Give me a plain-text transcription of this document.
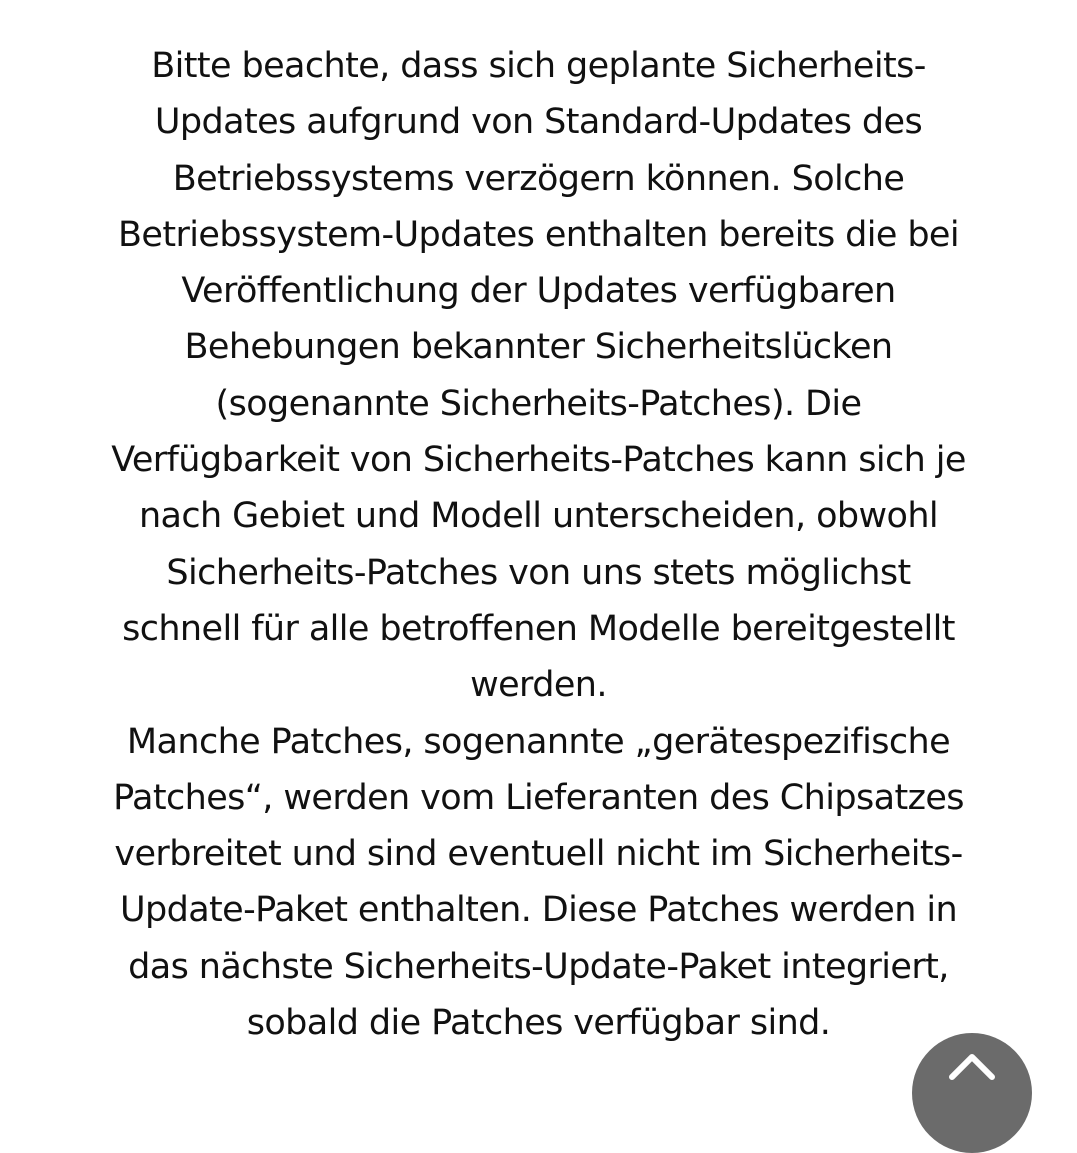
Bitte beachte, dass sich geplante Sicherheits-
Updates aufgrund von Standard-Updates des
Betriebssystems verzögern können. Solche
Betriebssystem-Updates enthalten bereits die bei
Veröffentlichung der Updates verfügbaren
Behebungen bekannter Sicherheitslücken
(sogenannte Sicherheits-Patches). Die
Verfügbarkeit von Sicherheits-Patches kann sich je
nach Gebiet und Modell unterscheiden, obwohl
Sicherheits-Patches von uns stets möglichst
schnell für alle betroffenen Modelle bereitgestellt
werden.

Manche Patches, sogenannte „gerätespezifische
Patches“, werden vom Lieferanten des Chipsatzes
verbreitet und sind eventuell nicht im Sicherheits-
Update-Paket enthalten. Diese Patches werden in
das nächste Sicherheits-Update-Paket integriert,
sobald die Patches verfügbar sind.
